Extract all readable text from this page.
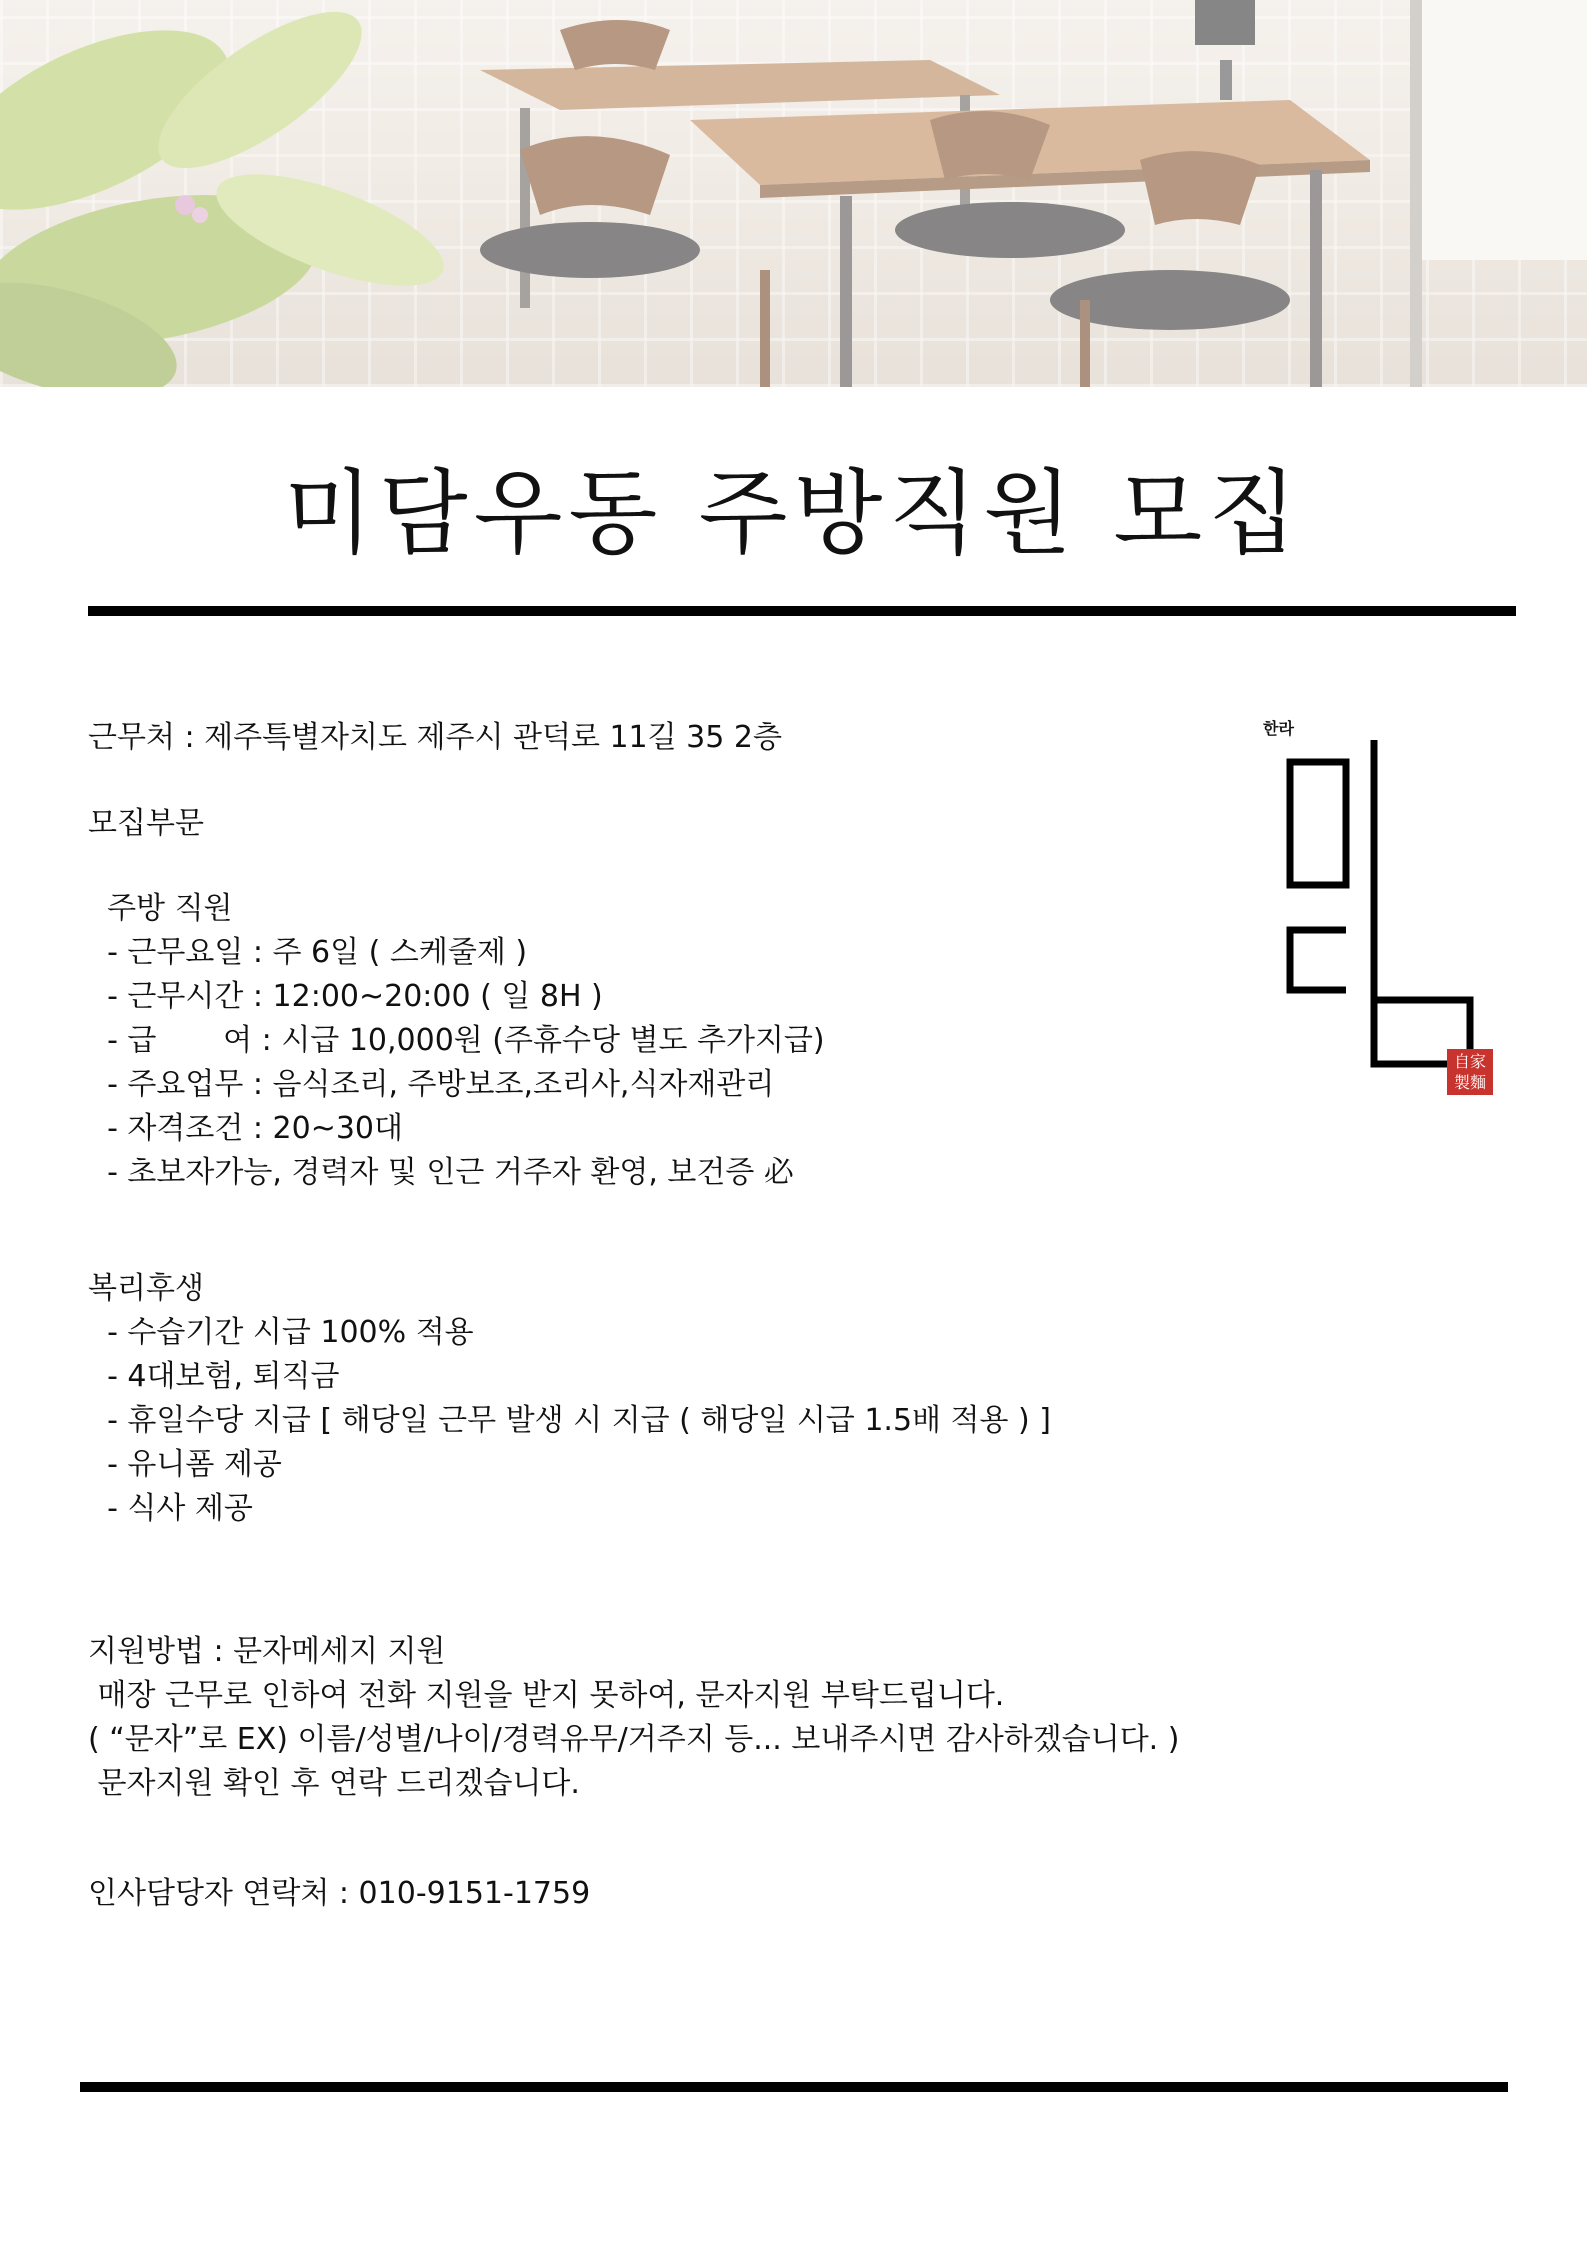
미담우동 주방직원 모집
근무처 : 제주특별자치도 제주시 관덕로 11길 35 2층
모집부문
주방 직원
- 근무요일 : 주 6일 ( 스케줄제 )
- 근무시간 : 12:00~20:00 ( 일 8H )
- 급       여 : 시급 10,000원 (주휴수당 별도 추가지급)
- 주요업무 : 음식조리, 주방보조,조리사,식자재관리
- 자격조건 : 20~30대
- 초보자가능, 경력자 및 인근 거주자 환영, 보건증 必
복리후생
- 수습기간 시급 100% 적용
- 4대보험, 퇴직금
- 휴일수당 지급 [ 해당일 근무 발생 시 지급 ( 해당일 시급 1.5배 적용 ) ]
- 유니폼 제공
- 식사 제공
지원방법 : 문자메세지 지원
매장 근무로 인하여 전화 지원을 받지 못하여, 문자지원 부탁드립니다.
( “문자”로 EX) 이름/성별/나이/경력유무/거주지 등... 보내주시면 감사하겠습니다. )
문자지원 확인 후 연락 드리겠습니다.
인사담당자 연락처 : 010-9151-1759
한라
自家
製麵
